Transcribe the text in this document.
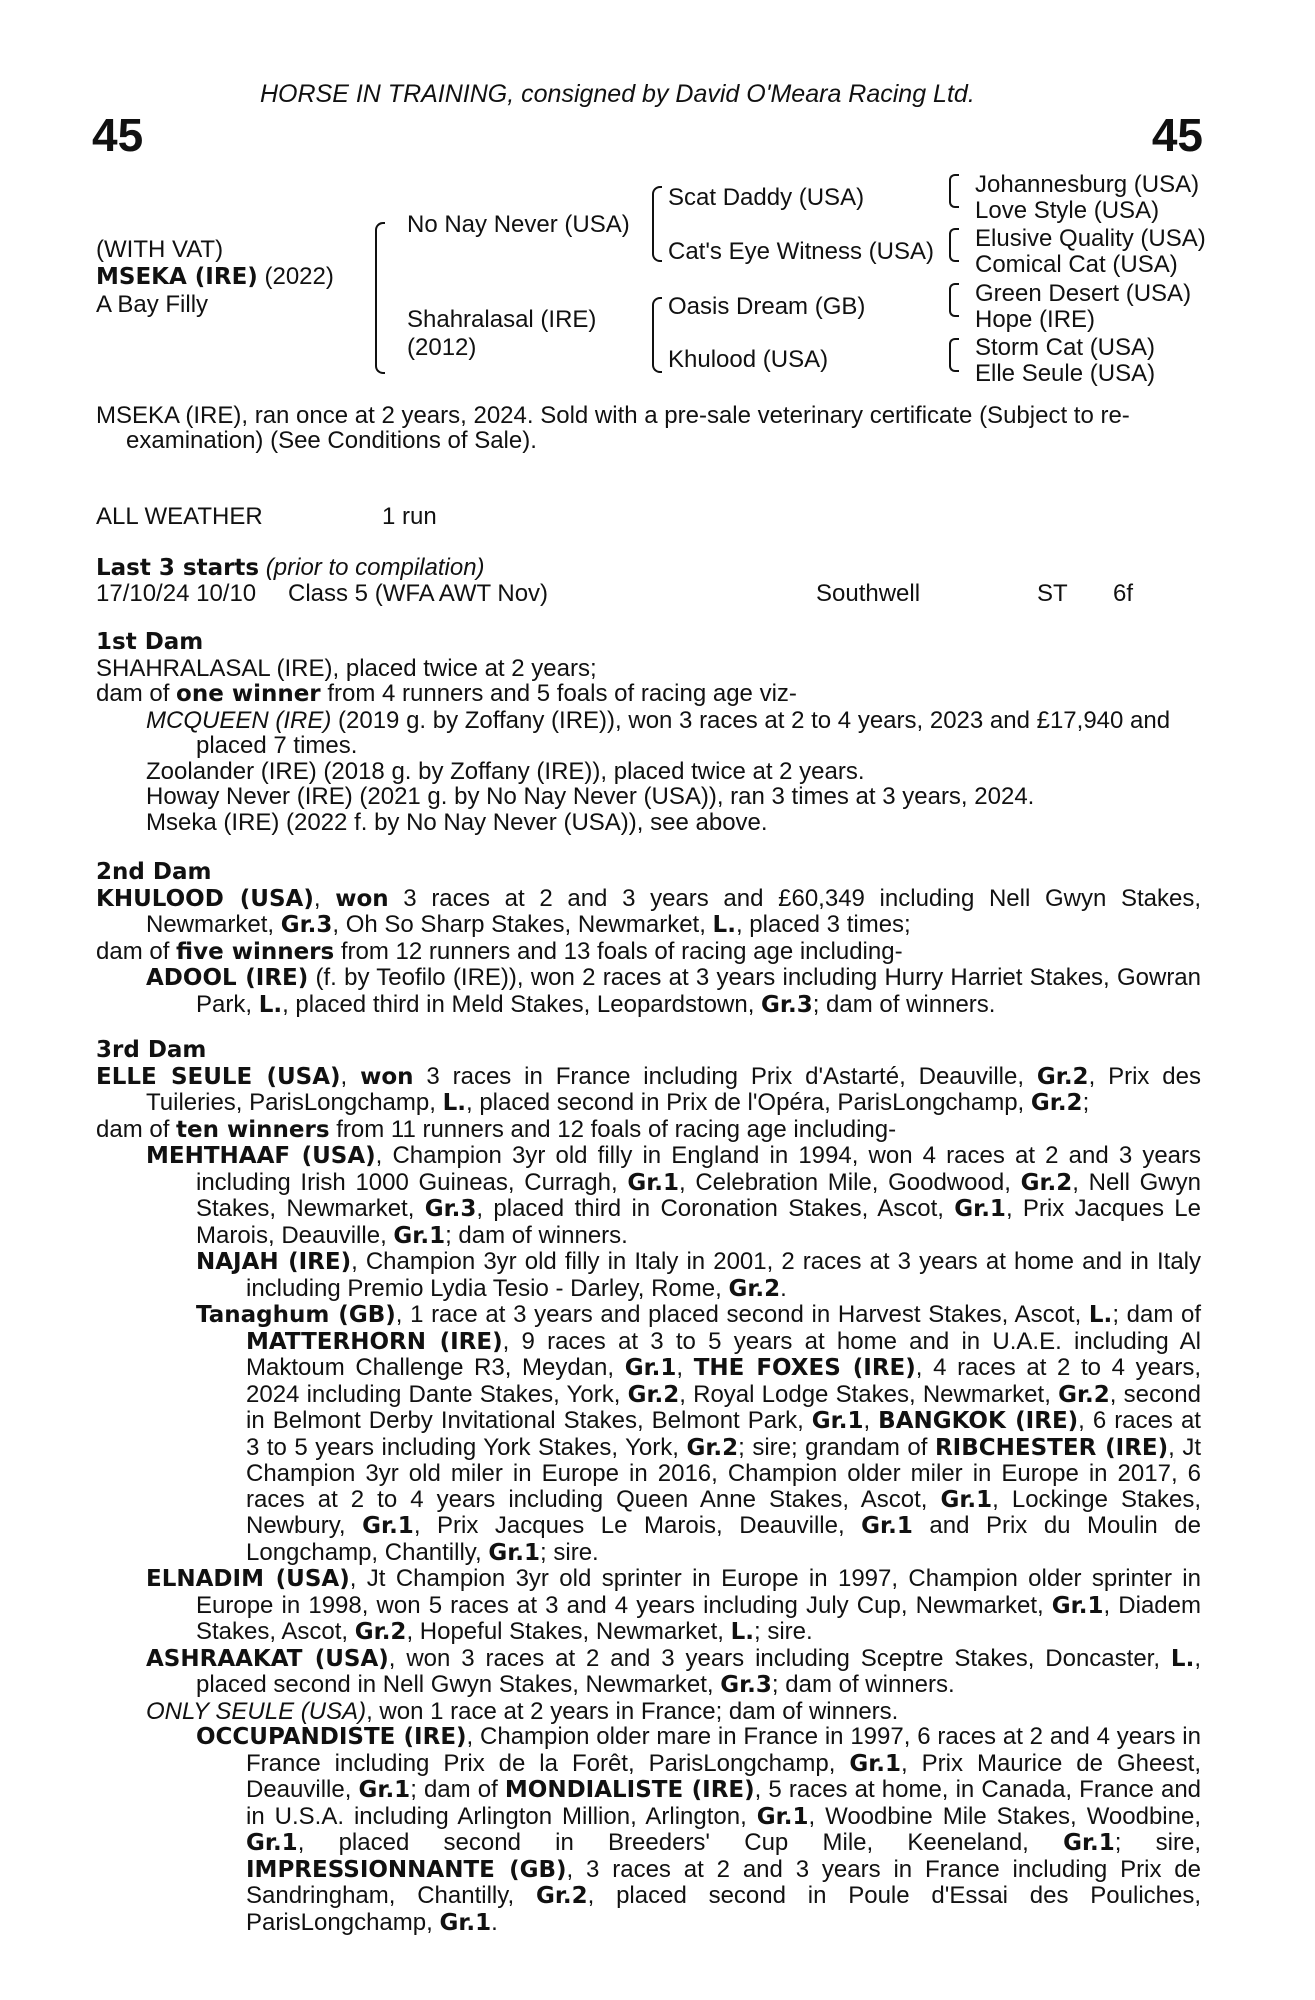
HORSE IN TRAINING, consigned by David O'Meara Racing Ltd.
45	45
(WITH VAT)
MSEKA (IRE) (2022)
A Bay Filly
No Nay Never (USA)
Shahralasal (IRE)
(2012)
Scat Daddy (USA)
Cat's Eye Witness (USA)
Oasis Dream (GB)
Khulood (USA)
Johannesburg (USA)
Love Style (USA)
Elusive Quality (USA)
Comical Cat (USA)
Green Desert (USA)
Hope (IRE)
Storm Cat (USA)
Elle Seule (USA)
MSEKA (IRE), ran once at 2 years, 2024. Sold with a pre-sale veterinary certificate (Subject to re-
examination) (See Conditions of Sale).
ALL WEATHER	1 run
Last 3 starts (prior to compilation)
17/10/24 10/10 Class 5 (WFA AWT Nov)	Southwell	ST 6f

1st Dam

SHAHRALASAL (IRE), placed twice at 2 years;

dam of one winner from 4 runners and 5 foals of racing age viz-

MCQUEEN (IRE) (2019 g. by Zoffany (IRE)), won 3 races at 2 to 4 years, 2023 and £17,940 and placed 7 times.

Zoolander (IRE) (2018 g. by Zoffany (IRE)), placed twice at 2 years.

Howay Never (IRE) (2021 g. by No Nay Never (USA)), ran 3 times at 3 years, 2024.

Mseka (IRE) (2022 f. by No Nay Never (USA)), see above.

2nd Dam

KHULOOD (USA), won 3 races at 2 and 3 years and £60,349 including Nell Gwyn Stakes, Newmarket, Gr.3, Oh So Sharp Stakes, Newmarket, L., placed 3 times;

dam of five winners from 12 runners and 13 foals of racing age including-

ADOOL (IRE) (f. by Teofilo (IRE)), won 2 races at 3 years including Hurry Harriet Stakes, Gowran Park, L., placed third in Meld Stakes, Leopardstown, Gr.3; dam of winners.

3rd Dam

ELLE SEULE (USA), won 3 races in France including Prix d'Astarté, Deauville, Gr.2, Prix des Tuileries, ParisLongchamp, L., placed second in Prix de l'Opéra, ParisLongchamp, Gr.2;

dam of ten winners from 11 runners and 12 foals of racing age including-

MEHTHAAF (USA), Champion 3yr old filly in England in 1994, won 4 races at 2 and 3 years including Irish 1000 Guineas, Curragh, Gr.1, Celebration Mile, Goodwood, Gr.2, Nell Gwyn Stakes, Newmarket, Gr.3, placed third in Coronation Stakes, Ascot, Gr.1, Prix Jacques Le Marois, Deauville, Gr.1; dam of winners.

NAJAH (IRE), Champion 3yr old filly in Italy in 2001, 2 races at 3 years at home and in Italy including Premio Lydia Tesio - Darley, Rome, Gr.2.

Tanaghum (GB), 1 race at 3 years and placed second in Harvest Stakes, Ascot, L.; dam of MATTERHORN (IRE), 9 races at 3 to 5 years at home and in U.A.E. including Al Maktoum Challenge R3, Meydan, Gr.1, THE FOXES (IRE), 4 races at 2 to 4 years, 2024 including Dante Stakes, York, Gr.2, Royal Lodge Stakes, Newmarket, Gr.2, second in Belmont Derby Invitational Stakes, Belmont Park, Gr.1, BANGKOK (IRE), 6 races at 3 to 5 years including York Stakes, York, Gr.2; sire; grandam of RIBCHESTER (IRE), Jt Champion 3yr old miler in Europe in 2016, Champion older miler in Europe in 2017, 6 races at 2 to 4 years including Queen Anne Stakes, Ascot, Gr.1, Lockinge Stakes, Newbury, Gr.1, Prix Jacques Le Marois, Deauville, Gr.1 and Prix du Moulin de Longchamp, Chantilly, Gr.1; sire.

ELNADIM (USA), Jt Champion 3yr old sprinter in Europe in 1997, Champion older sprinter in Europe in 1998, won 5 races at 3 and 4 years including July Cup, Newmarket, Gr.1, Diadem Stakes, Ascot, Gr.2, Hopeful Stakes, Newmarket, L.; sire.

ASHRAAKAT (USA), won 3 races at 2 and 3 years including Sceptre Stakes, Doncaster, L., placed second in Nell Gwyn Stakes, Newmarket, Gr.3; dam of winners.

ONLY SEULE (USA), won 1 race at 2 years in France; dam of winners.

OCCUPANDISTE (IRE), Champion older mare in France in 1997, 6 races at 2 and 4 years in France including Prix de la Forêt, ParisLongchamp, Gr.1, Prix Maurice de Gheest, Deauville, Gr.1; dam of MONDIALISTE (IRE), 5 races at home, in Canada, France and in U.S.A. including Arlington Million, Arlington, Gr.1, Woodbine Mile Stakes, Woodbine, Gr.1, placed second in Breeders' Cup Mile, Keeneland, Gr.1; sire, IMPRESSIONNANTE (GB), 3 races at 2 and 3 years in France including Prix de Sandringham, Chantilly, Gr.2, placed second in Poule d'Essai des Pouliches, ParisLongchamp, Gr.1.
